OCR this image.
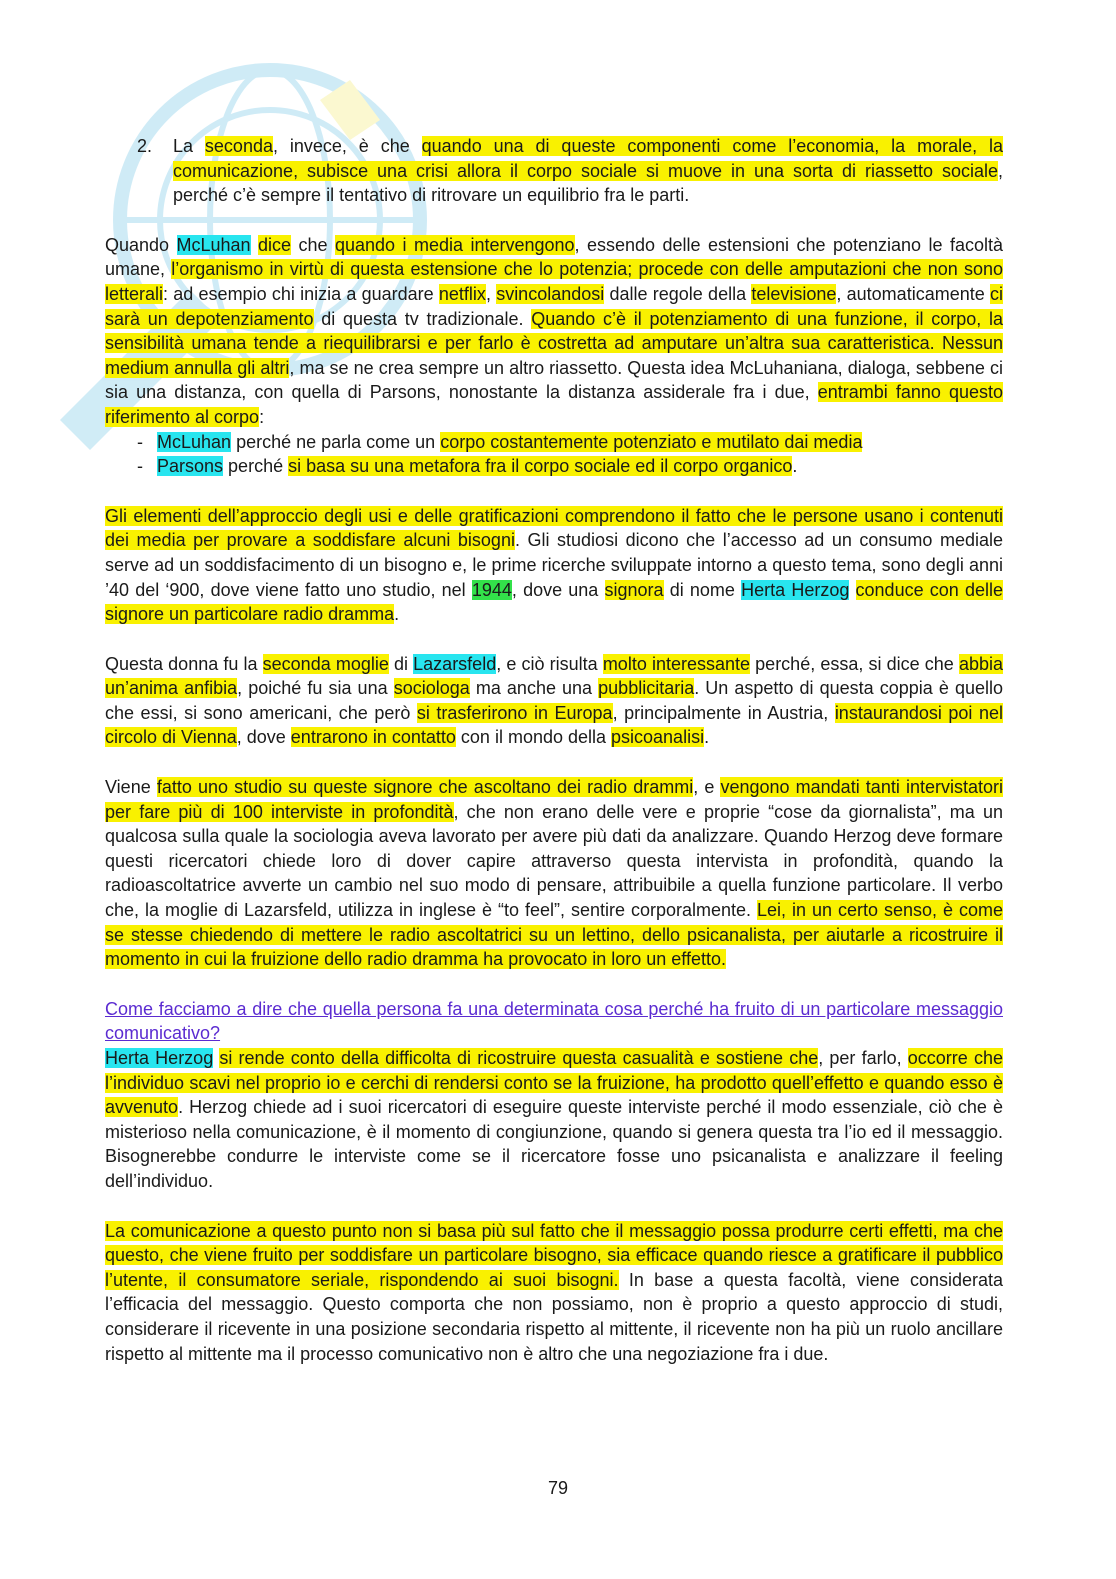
2. La seconda, invece, è che quando una di queste componenti come l’economia, la morale, la comunicazione, subisce una crisi allora il corpo sociale si muove in una sorta di riassetto sociale, perché c’è sempre il tentativo di ritrovare un equilibrio fra le parti.

Quando McLuhan dice che quando i media intervengono, essendo delle estensioni che potenziano le facoltà umane, l’organismo in virtù di questa estensione che lo potenzia; procede con delle amputazioni che non sono letterali: ad esempio chi inizia a guardare netflix, svincolandosi dalle regole della televisione, automaticamente ci sarà un depotenziamento di questa tv tradizionale. Quando c’è il potenziamento di una funzione, il corpo, la sensibilità umana tende a riequilibrarsi e per farlo è costretta ad amputare un’altra sua caratteristica. Nessun medium annulla gli altri, ma se ne crea sempre un altro riassetto. Questa idea McLuhaniana, dialoga, sebbene ci sia una distanza, con quella di Parsons, nonostante la distanza assiderale fra i due, entrambi fanno questo riferimento al corpo:

- McLuhan perché ne parla come un corpo costantemente potenziato e mutilato dai media
- Parsons perché si basa su una metafora fra il corpo sociale ed il corpo organico.

Gli elementi dell’approccio degli usi e delle gratificazioni comprendono il fatto che le persone usano i contenuti dei media per provare a soddisfare alcuni bisogni. Gli studiosi dicono che l’accesso ad un consumo mediale serve ad un soddisfacimento di un bisogno e, le prime ricerche sviluppate intorno a questo tema, sono degli anni ’40 del ‘900, dove viene fatto uno studio, nel 1944, dove una signora di nome Herta Herzog conduce con delle signore un particolare radio dramma.

Questa donna fu la seconda moglie di Lazarsfeld, e ciò risulta molto interessante perché, essa, si dice che abbia un’anima anfibia, poiché fu sia una sociologa ma anche una pubblicitaria. Un aspetto di questa coppia è quello che essi, si sono americani, che però si trasferirono in Europa, principalmente in Austria, instaurandosi poi nel circolo di Vienna, dove entrarono in contatto con il mondo della psicoanalisi.

Viene fatto uno studio su queste signore che ascoltano dei radio drammi, e vengono mandati tanti intervistatori per fare più di 100 interviste in profondità, che non erano delle vere e proprie “cose da giornalista”, ma un qualcosa sulla quale la sociologia aveva lavorato per avere più dati da analizzare. Quando Herzog deve formare questi ricercatori chiede loro di dover capire attraverso questa intervista in profondità, quando la radioascoltatrice avverte un cambio nel suo modo di pensare, attribuibile a quella funzione particolare. Il verbo che, la moglie di Lazarsfeld, utilizza in inglese è “to feel”, sentire corporalmente. Lei, in un certo senso, è come se stesse chiedendo di mettere le radio ascoltatrici su un lettino, dello psicanalista, per aiutarle a ricostruire il momento in cui la fruizione dello radio dramma ha provocato in loro un effetto.

Come facciamo a dire che quella persona fa una determinata cosa perché ha fruito di un particolare messaggio comunicativo?

Herta Herzog si rende conto della difficolta di ricostruire questa casualità e sostiene che, per farlo, occorre che l’individuo scavi nel proprio io e cerchi di rendersi conto se la fruizione, ha prodotto quell’effetto e quando esso è avvenuto. Herzog chiede ad i suoi ricercatori di eseguire queste interviste perché il modo essenziale, ciò che è misterioso nella comunicazione, è il momento di congiunzione, quando si genera questa tra l’io ed il messaggio. Bisognerebbe condurre le interviste come se il ricercatore fosse uno psicanalista e analizzare il feeling dell’individuo.

La comunicazione a questo punto non si basa più sul fatto che il messaggio possa produrre certi effetti, ma che questo, che viene fruito per soddisfare un particolare bisogno, sia efficace quando riesce a gratificare il pubblico l’utente, il consumatore seriale, rispondendo ai suoi bisogni. In base a questa facoltà, viene considerata l’efficacia del messaggio. Questo comporta che non possiamo, non è proprio a questo approccio di studi, considerare il ricevente in una posizione secondaria rispetto al mittente, il ricevente non ha più un ruolo ancillare rispetto al mittente ma il processo comunicativo non è altro che una negoziazione fra i due.

79
